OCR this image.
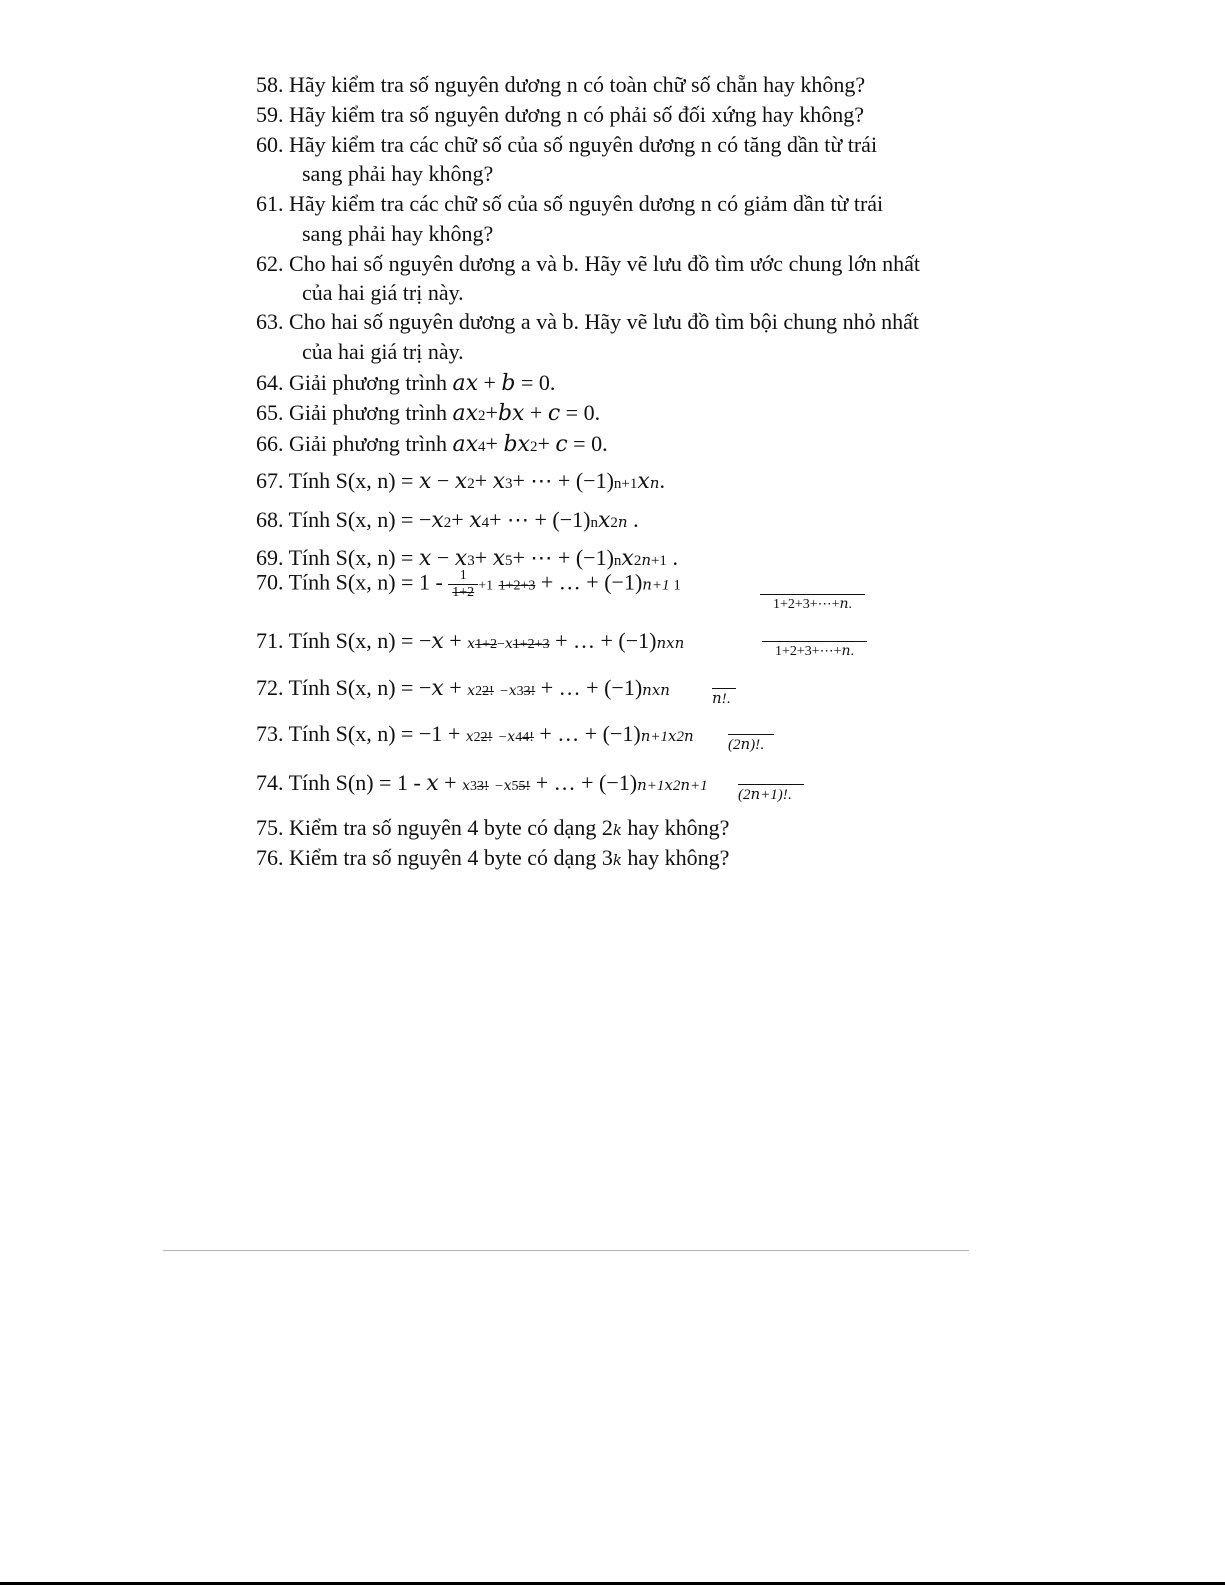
58. Hãy kiểm tra số nguyên dương n có toàn chữ số chẵn hay không?
59. Hãy kiểm tra số nguyên dương n có phải số đối xứng hay không?
60. Hãy kiểm tra các chữ số của số nguyên dương n có tăng dần từ trái
sang phải hay không?
61. Hãy kiểm tra các chữ số của số nguyên dương n có giảm dần từ trái
sang phải hay không?
62. Cho hai số nguyên dương a và b. Hãy vẽ lưu đồ tìm ước chung lớn nhất
của hai giá trị này.
63. Cho hai số nguyên dương a và b. Hãy vẽ lưu đồ tìm bội chung nhỏ nhất
của hai giá trị này.
64. Giải phương trình 𝑎𝑥 + 𝑏 = 0.
65. Giải phương trình 𝑎𝑥2+𝑏𝑥 + 𝑐 = 0.
66. Giải phương trình 𝑎𝑥4+ 𝑏𝑥2+ 𝑐 = 0.
67. Tính S(x, n) = 𝑥 − 𝑥2+ 𝑥3+ ⋯ + (−1)n+1𝑥𝑛.
68. Tính S(x, n) = −𝑥2+ 𝑥4+ ⋯ + (−1)n𝑥2𝑛 .
69. Tính S(x, n) = 𝑥 − 𝑥3+ 𝑥5+ ⋯ + (−1)n𝑥2𝑛+1 .
70. Tính S(x, $n) = 1 - \frac{1}{1+2} +1$ 1+2+3 + … + (−1)𝑛+1 1
1+2+3+⋯+𝑛.
71. Tính S(x, n) = −𝑥 + 𝑥1+2−𝑥1+2+3 + … + (−1)𝑛𝑥𝑛	1+2+3+⋯+𝑛.
72. Tính S(x, n) = −𝑥 + 𝑥22! −𝑥33! + … + (−1)𝑛𝑥𝑛	𝑛!.
73. Tính S(x, n) = −1 + 𝑥22! −𝑥44! + … + (−1)𝑛+1𝑥2𝑛	(2𝑛)!.
74. Tính S(n) = 1 - 𝑥 + 𝑥33! −𝑥55! + … + (−1)𝑛+1𝑥2𝑛+1
(2𝑛+1)!.
75. Kiểm tra số nguyên 4 byte có dạng 2𝑘 hay không?
76. Kiểm tra số nguyên 4 byte có dạng 3𝑘 hay không?
